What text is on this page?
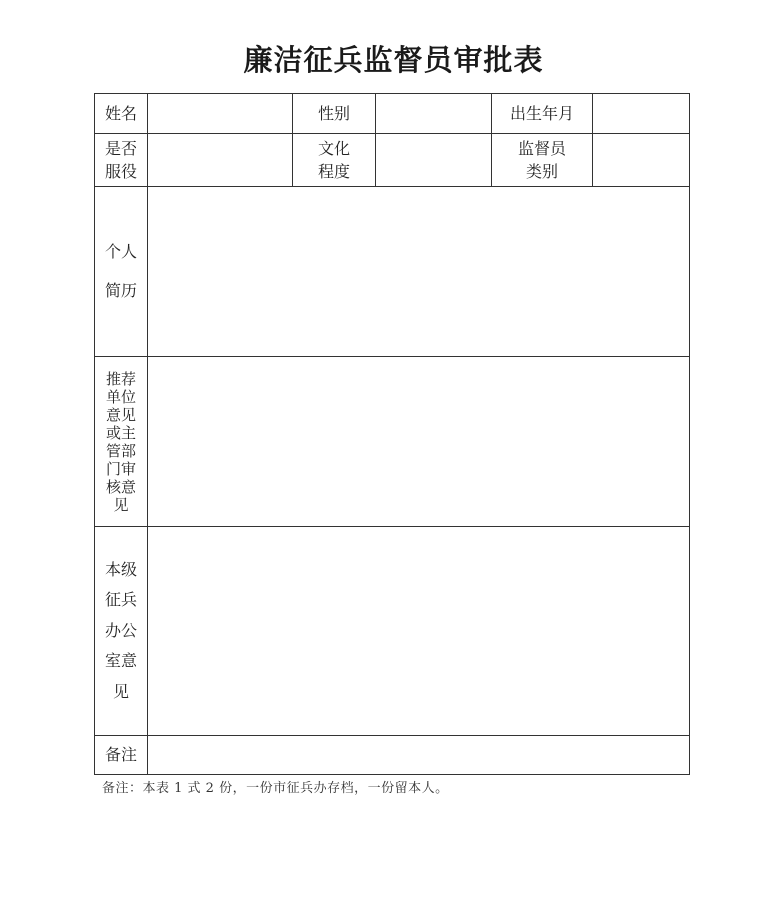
廉洁征兵监督员审批表
姓名	性别	出生年月
是否
服役
文化
程度
监督员
类别
个人
简历
推荐
单位
意见
或主
管部
门审
核意
见
本级
征兵
办公
室意
见
备注
备注：本表 1 式 2 份，一份市征兵办存档，一份留本人。
